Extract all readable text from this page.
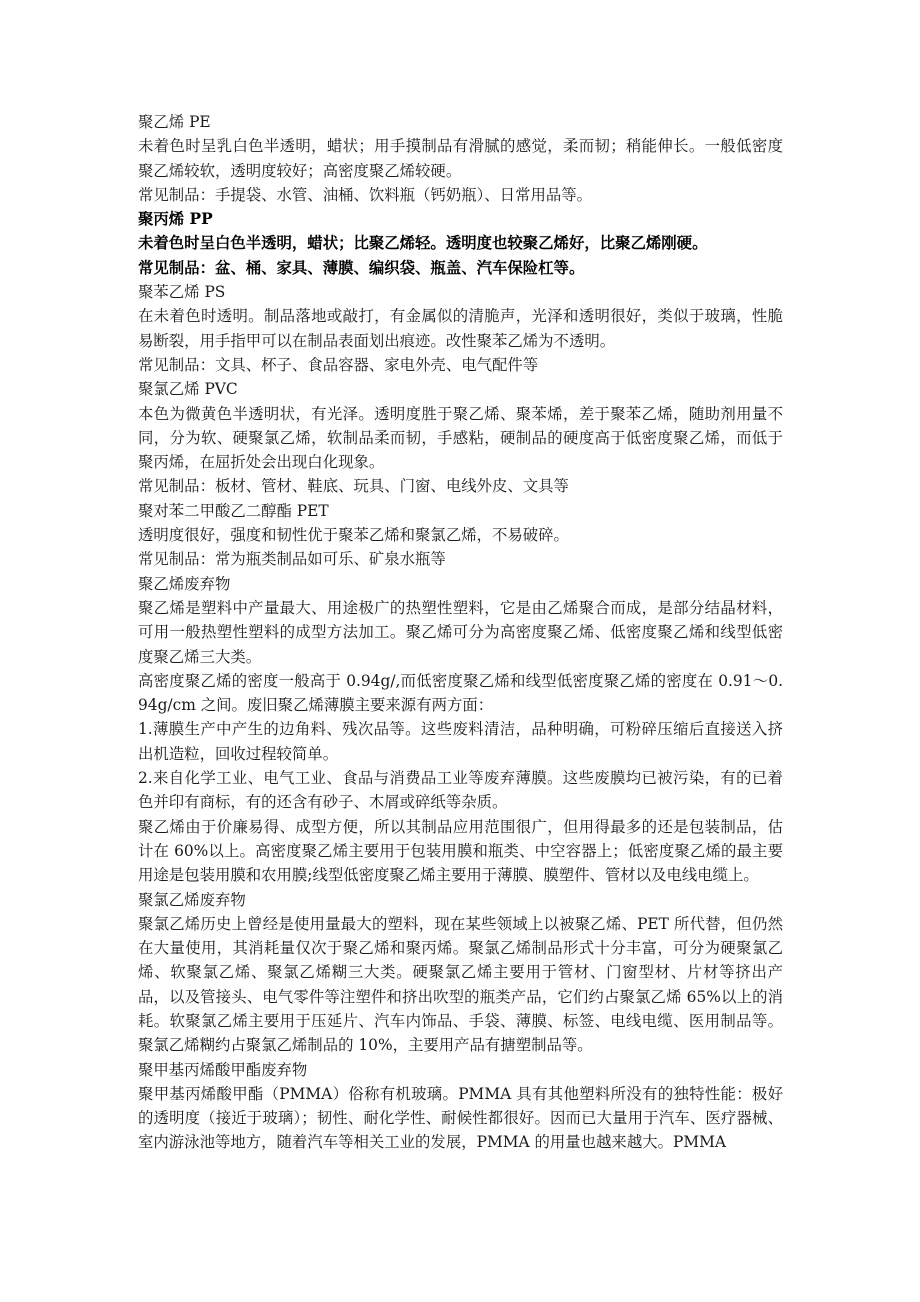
聚乙烯 PE

未着色时呈乳白色半透明，蜡状；用手摸制品有滑腻的感觉，柔而韧；稍能伸长。一般低密度聚乙烯较软，透明度较好；高密度聚乙烯较硬。

常见制品：手提袋、水管、油桶、饮料瓶（钙奶瓶）、日常用品等。

聚丙烯 PP

未着色时呈白色半透明，蜡状；比聚乙烯轻。透明度也较聚乙烯好，比聚乙烯刚硬。

常见制品：盆、桶、家具、薄膜、编织袋、瓶盖、汽车保险杠等。

聚苯乙烯 PS

在未着色时透明。制品落地或敲打，有金属似的清脆声，光泽和透明很好，类似于玻璃，性脆易断裂，用手指甲可以在制品表面划出痕迹。改性聚苯乙烯为不透明。

常见制品：文具、杯子、食品容器、家电外壳、电气配件等

聚氯乙烯 PVC

本色为微黄色半透明状，有光泽。透明度胜于聚乙烯、聚苯烯，差于聚苯乙烯，随助剂用量不同，分为软、硬聚氯乙烯，软制品柔而韧，手感粘，硬制品的硬度高于低密度聚乙烯，而低于聚丙烯，在屈折处会出现白化现象。

常见制品：板材、管材、鞋底、玩具、门窗、电线外皮、文具等

聚对苯二甲酸乙二醇酯 PET

透明度很好，强度和韧性优于聚苯乙烯和聚氯乙烯，不易破碎。

常见制品：常为瓶类制品如可乐、矿泉水瓶等

聚乙烯废弃物

聚乙烯是塑料中产量最大、用途极广的热塑性塑料，它是由乙烯聚合而成，是部分结晶材料，可用一般热塑性塑料的成型方法加工。聚乙烯可分为高密度聚乙烯、低密度聚乙烯和线型低密度聚乙烯三大类。

高密度聚乙烯的密度一般高于 0.94g/,而低密度聚乙烯和线型低密度聚乙烯的密度在 0.91～0.94g/cm 之间。废旧聚乙烯薄膜主要来源有两方面：

1.薄膜生产中产生的边角料、残次品等。这些废料清洁，品种明确，可粉碎压缩后直接送入挤出机造粒，回收过程较简单。

2.来自化学工业、电气工业、食品与消费品工业等废弃薄膜。这些废膜均已被污染，有的已着色并印有商标，有的还含有砂子、木屑或碎纸等杂质。

聚乙烯由于价廉易得、成型方便，所以其制品应用范围很广，但用得最多的还是包装制品，估计在 60%以上。高密度聚乙烯主要用于包装用膜和瓶类、中空容器上；低密度聚乙烯的最主要用途是包装用膜和农用膜;线型低密度聚乙烯主要用于薄膜、膜塑件、管材以及电线电缆上。

聚氯乙烯废弃物

聚氯乙烯历史上曾经是使用量最大的塑料，现在某些领域上以被聚乙烯、PET 所代替，但仍然在大量使用，其消耗量仅次于聚乙烯和聚丙烯。聚氯乙烯制品形式十分丰富，可分为硬聚氯乙烯、软聚氯乙烯、聚氯乙烯糊三大类。硬聚氯乙烯主要用于管材、门窗型材、片材等挤出产品，以及管接头、电气零件等注塑件和挤出吹型的瓶类产品，它们约占聚氯乙烯 65%以上的消耗。软聚氯乙烯主要用于压延片、汽车内饰品、手袋、薄膜、标签、电线电缆、医用制品等。聚氯乙烯糊约占聚氯乙烯制品的 10%，主要用产品有搪塑制品等。

聚甲基丙烯酸甲酯废弃物

聚甲基丙烯酸甲酯（PMMA）俗称有机玻璃。PMMA 具有其他塑料所没有的独特性能：极好的透明度（接近于玻璃）；韧性、耐化学性、耐候性都很好。因而已大量用于汽车、医疗器械、室内游泳池等地方，随着汽车等相关工业的发展，PMMA 的用量也越来越大。PMMA
